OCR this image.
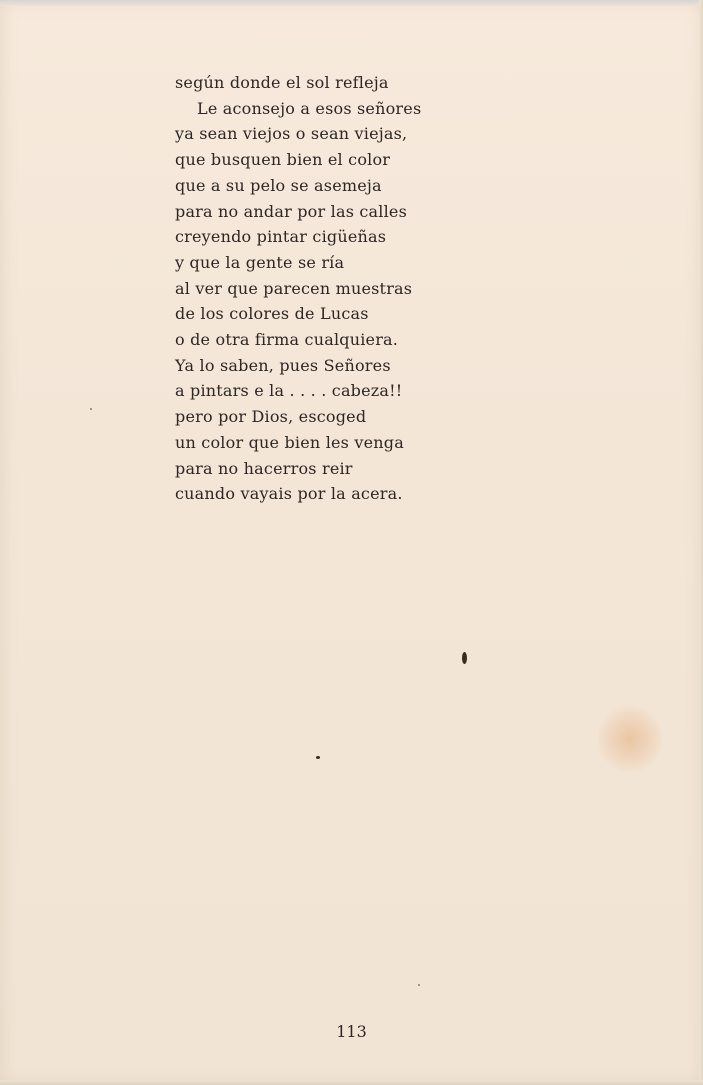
según donde el sol refleja
Le aconsejo a esos señores
ya sean viejos o sean viejas,
que busquen bien el color
que a su pelo se asemeja
para no andar por las calles
creyendo pintar cigüeñas
y que la gente se ría
al ver que parecen muestras
de los colores de Lucas
o de otra firma cualquiera.
Ya lo saben, pues Señores
a pintars e la . . . . cabeza!!
pero por Dios, escoged
un color que bien les venga
para no hacerros reir
cuando vayais por la acera.
113
